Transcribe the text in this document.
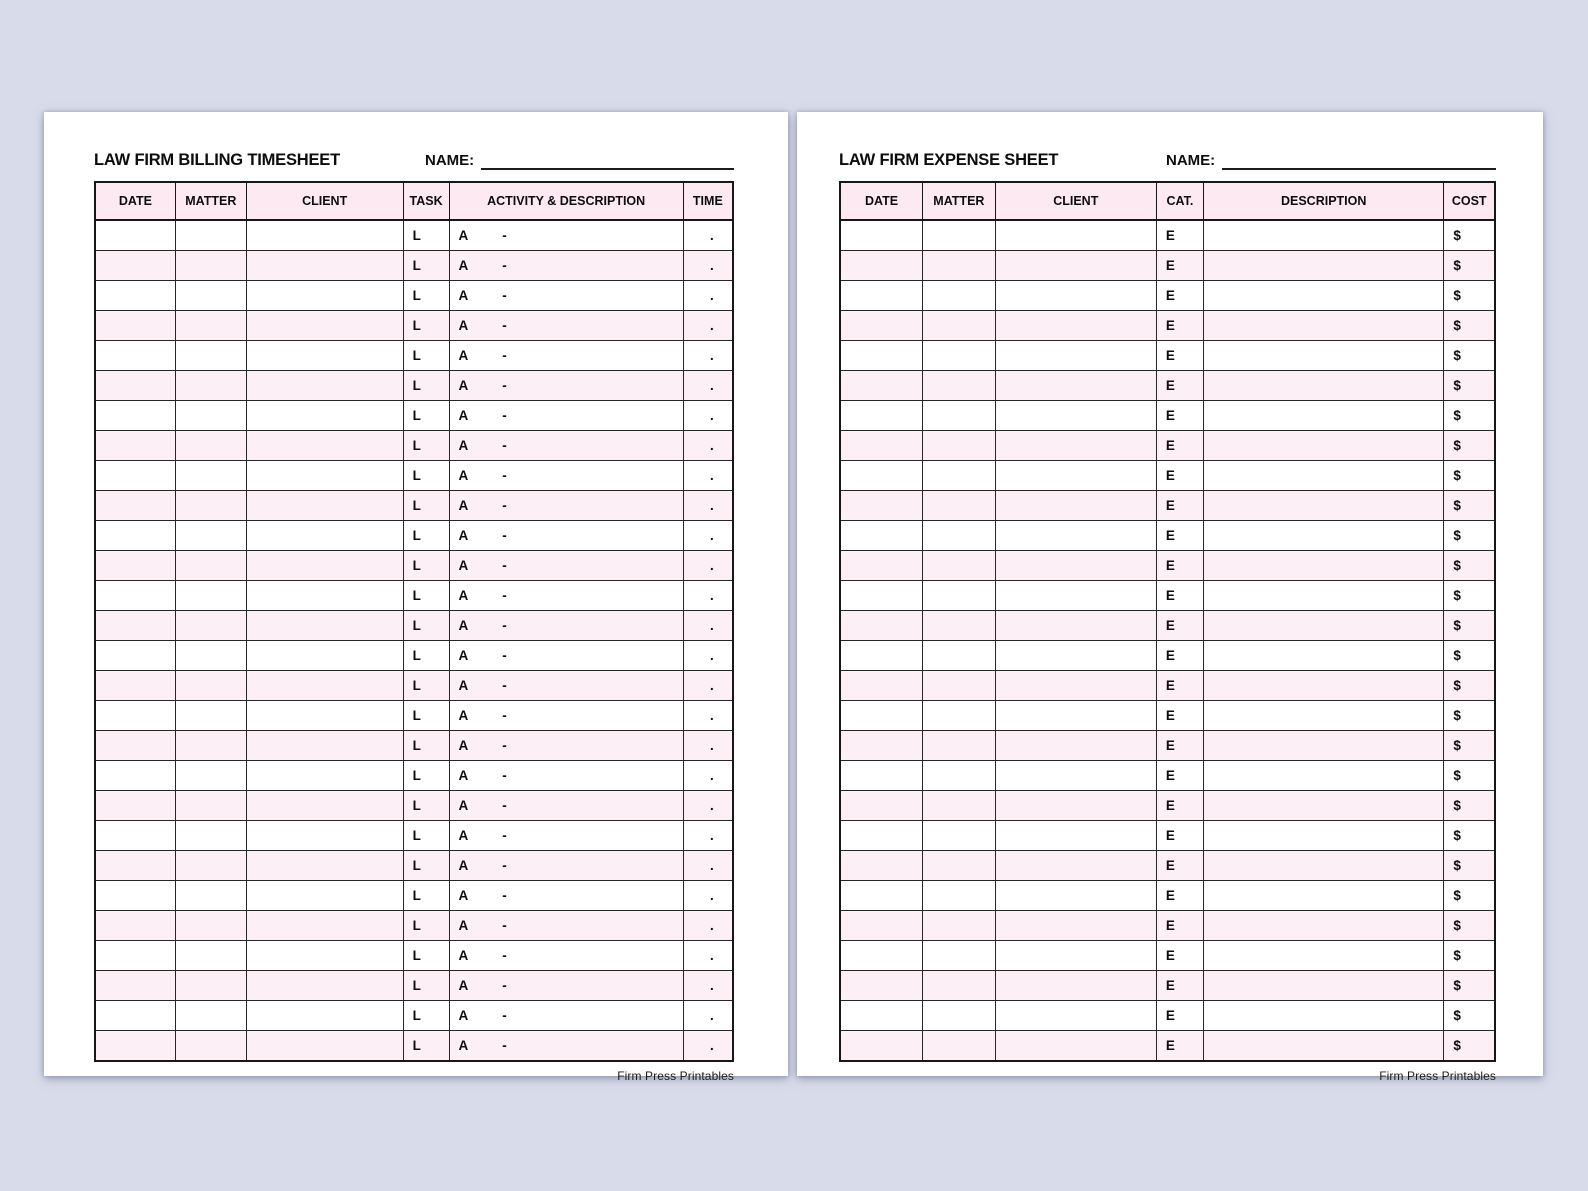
LAW FIRM BILLING TIMESHEET	NAME:
DATE	MATTER	CLIENT	TASK	ACTIVITY & DESCRIPTION	TIME
			L	A -	.
			L	A -	.
			L	A -	.
			L	A -	.
			L	A -	.
			L	A -	.
			L	A -	.
			L	A -	.
			L	A -	.
			L	A -	.
			L	A -	.
			L	A -	.
			L	A -	.
			L	A -	.
			L	A -	.
			L	A -	.
			L	A -	.
			L	A -	.
			L	A -	.
			L	A -	.
			L	A -	.
			L	A -	.
			L	A -	.
			L	A -	.
			L	A -	.
			L	A -	.
			L	A -	.
			L	A -	.
Firm Press Printables
LAW FIRM EXPENSE SHEET	NAME:
DATE	MATTER	CLIENT	CAT.	DESCRIPTION	COST
			E		$
			E		$
			E		$
			E		$
			E		$
			E		$
			E		$
			E		$
			E		$
			E		$
			E		$
			E		$
			E		$
			E		$
			E		$
			E		$
			E		$
			E		$
			E		$
			E		$
			E		$
			E		$
			E		$
			E		$
			E		$
			E		$
			E		$
			E		$
Firm Press Printables
